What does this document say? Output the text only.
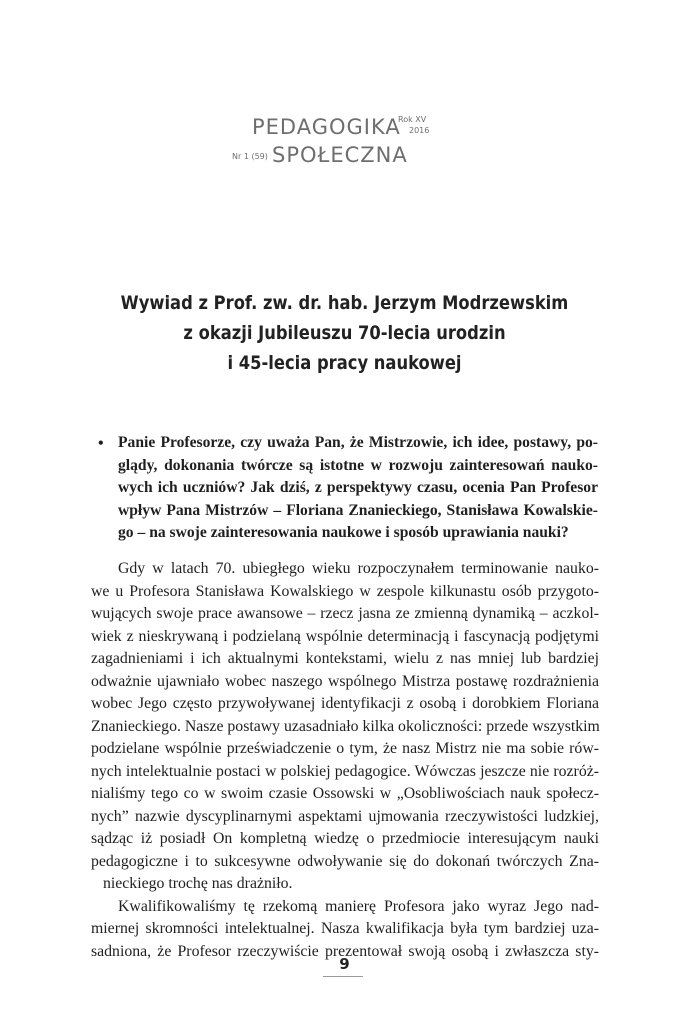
PEDAGOGIKA
Rok XV
2016
Nr 1 (59) SPOŁECZNA
Wywiad z Prof. zw. dr. hab. Jerzym Modrzewskim
z okazji Jubileuszu 70-lecia urodzin
i 45-lecia pracy naukowej
• Panie Profesorze, czy uważa Pan, że Mistrzowie, ich idee, postawy, po-
glądy, dokonania twórcze są istotne w rozwoju zainteresowań nauko-
wych ich uczniów? Jak dziś, z perspektywy czasu, ocenia Pan Profesor
wpływ Pana Mistrzów – Floriana Znanieckiego, Stanisława Kowalskie-
go – na swoje zainteresowania naukowe i sposób uprawiania nauki?

Gdy w latach 70. ubiegłego wieku rozpoczynałem terminowanie nauko-
we u Profesora Stanisława Kowalskiego w zespole kilkunastu osób przygoto-
wujących swoje prace awansowe – rzecz jasna ze zmienną dynamiką – aczkol-
wiek z nieskrywaną i podzielaną wspólnie determinacją i fascynacją podjętymi
zagadnieniami i ich aktualnymi kontekstami, wielu z nas mniej lub bardziej
odważnie ujawniało wobec naszego wspólnego Mistrza postawę rozdrażnienia
wobec Jego często przywoływanej identyfikacji z osobą i dorobkiem Floriana
Znanieckiego. Nasze postawy uzasadniało kilka okoliczności: przede wszystkim
podzielane wspólnie przeświadczenie o tym, że nasz Mistrz nie ma sobie rów-
nych intelektualnie postaci w polskiej pedagogice. Wówczas jeszcze nie rozróż-
nialiśmy tego co w swoim czasie Ossowski w „Osobliwościach nauk społecz-
nych” nazwie dyscyplinarnymi aspektami ujmowania rzeczywistości ludzkiej,
sądząc iż posiadł On kompletną wiedzę o przedmiocie interesującym nauki
pedagogiczne i to sukcesywne odwoływanie się do dokonań twórczych Zna-
nieckiego trochę nas drażniło.
Kwalifikowaliśmy tę rzekomą manierę Profesora jako wyraz Jego nad-
miernej skromności intelektualnej. Nasza kwalifikacja była tym bardziej uza-
sadniona, że Profesor rzeczywiście prezentował swoją osobą i zwłaszcza sty-
9
